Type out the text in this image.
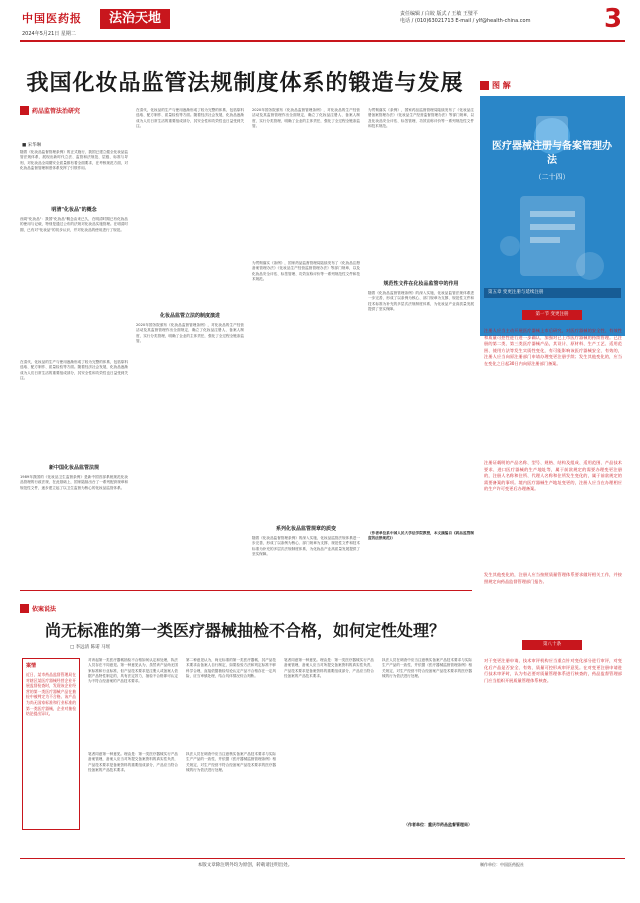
中国医药报	法治天地
2024年5月21日 星期二
责任编辑 / 白皎 版式 / 王敏 王璧平
电话 / (010)63021713 E-mail / ylf@health-china.com	3
我国化妆品监管法规制度体系的锻造与发展
药品监管法治研究
■ 宋华琳
随着《化妆品监督管理条例》的正式施行，我国已建立健全化妆品监管法规体系，展现出新时代立法、监管和法规范、层级、标准与导则，对化妆品全周期安全质量都有着全面要求，在考核规范方面，对化妆品监督管理制度体系发挥了引领作用。
明清"化妆品"的概念
西周"化妆品"：我国"化妆品"概念由来已久，在明清时期已有化妆品的使用与记载，特别是通过公布的法规对化妆品实施管理。在明清时期，已有对"化妆品"的初步认识，并对化妆品的使用进行了规范。
在清代，化妆品的生产与使用逐渐形成了较为完整的体系，包括原料选取、配方制作、质量检验等方面。随着经济社会发展，化妆品逐渐成为人们日常生活的重要组成部分，其安全性和功效性也日益受到关注。
新中国化妆品监管法规
1989年我国的《化妆品卫生监督条例》是新中国首部系统规范化妆品管理的行政法规，在此基础上，国家陆续出台了一系列配套规章和规范性文件，逐步建立起了以卫生监督为核心的化妆品监管体系。
在清代，化妆品的生产与使用逐渐形成了较为完整的体系，包括原料选取、配方制作、质量检验等方面。随着经济社会发展，化妆品逐渐成为人们日常生活的重要组成部分，其安全性和功效性也日益受到关注。
化妆品监管立法的制度演进
2020年国务院颁布《化妆品监督管理条例》，对化妆品的生产经营活动及其监督管理作出全面规定，确立了化妆品注册人、备案人制度，实行分类管理，明确了企业的主体责任，强化了全过程全链条监管。
2020年国务院颁布《化妆品监督管理条例》，对化妆品的生产经营活动及其监督管理作出全面规定，确立了化妆品注册人、备案人制度，实行分类管理，明确了企业的主体责任，强化了全过程全链条监管。
为贯彻落实《条例》，国家药品监督管理局陆续发布了《化妆品注册备案管理办法》《化妆品生产经营监督管理办法》等部门规章，以及化妆品安全评估、标签管理、功效宣称评价等一系列规范性文件和技术规范。
系列化妆品监管规章的质变
随着《化妆品监督管理条例》的深入实施，化妆品监管法规体系进一步完善，形成了以条例为核心、部门规章为支撑、规范性文件和技术标准为补充的多层次法规制度体系，为化妆品产业高质量发展提供了坚实保障。
为贯彻落实《条例》，国家药品监督管理局陆续发布了《化妆品注册备案管理办法》《化妆品生产经营监督管理办法》等部门规章，以及化妆品安全评估、标签管理、功效宣称评价等一系列规范性文件和技术规范。
规范性文件在化妆品监管中的作用
随着《化妆品监督管理条例》的深入实施，化妆品监管法规体系进一步完善，形成了以条例为核心、部门规章为支撑、规范性文件和技术标准为补充的多层次法规制度体系，为化妆品产业高质量发展提供了坚实保障。
（作者单位系中国人民大学法学院教授，本文摘编自《药品监管制度的法律规范》）
图 解
医疗器械注册与备案管理办法
（二十四）
第五章 变更注册与延续注册
第一节 变更注册
注册人应当主动开展医疗器械上市后研究，对医疗器械的安全性、有效性和质量可控性进行进一步确认，加强对已上市医疗器械的持续管理。已注册的第二类、第三类医疗器械产品，其设计、原材料、生产工艺、适用范围、使用方法等发生实质性变化，有可能影响该医疗器械安全、有效的，注册人应当向原注册部门申请办理变更注册手续；发生其他变化的，应当在变化之日起30日内向原注册部门备案。
注册证载明的产品名称、型号、规格、结构及组成、适用范围、产品技术要求、进口医疗器械的生产地址等，属于前款规定的需要办理变更注册的，注册人名称和住所、代理人名称和住所发生变化的，属于前款规定的需要备案的事项。境内医疗器械生产地址变更的，注册人应当在办理相应的生产许可变更后办理备案。
发生其他变化的，注册人应当按照质量管理体系要求做好相关工作，并按照规定向药品监督管理部门报告。
第八十条
对于变更注册申请，技术审评机构应当重点针对变化部分进行审评，对变化后产品是否安全、有效、质量可控形成审评意见。在对变更注册申请进行技术审评时，认为有必要对质量管理体系进行核查的，药品监督管理部门应当组织开展质量管理体系核查。
依案说法
尚无标准的第一类医疗器械抽检不合格，如何定性处理？
□ 李远清 陈诺 马瑶
案情
近日，某市药品监督管理局在对辖区某医疗器械经营企业开展监督检查时，发现该企业经营的第一类医疗器械产品在抽检中被判定为不合格。该产品为尚无国家标准和行业标准的第一类医疗器械，企业对抽检结论提出异议。
对该起第一类医疗器械抽检不合格如何认定和处理，执法人员存在不同意见。第一种意见认为，虽然该产品尚无国家标准和行业标准，但产品技术要求是注册人或备案人依据产品特性制定的，具有法定效力，抽检不合格即可认定为不符合经备案的产品技术要求。
笔者同意第一种意见。理由是：第一类医疗器械实行产品备案管理，备案人应当对所提交备案资料的真实性负责，产品技术要求是备案资料的重要组成部分，产品应当符合经备案的产品技术要求。
第二种意见认为，尚无标准的第一类医疗器械，其产品技术要求由备案人自行制定，如果检验方法和判定标准不够科学合理，直接依据抽检结论认定产品不合格存在一定风险，应当审慎处理，结合具体情况综合判断。
执法人员在调查中应当注意核实备案产品技术要求与实际生产产品的一致性，并依据《医疗器械监督管理条例》相关规定，对生产经营不符合经备案产品技术要求的医疗器械的行为依法进行处理。
笔者同意第一种意见。理由是：第一类医疗器械实行产品备案管理，备案人应当对所提交备案资料的真实性负责，产品技术要求是备案资料的重要组成部分，产品应当符合经备案的产品技术要求。
执法人员在调查中应当注意核实备案产品技术要求与实际生产产品的一致性，并依据《医疗器械监督管理条例》相关规定，对生产经营不符合经备案产品技术要求的医疗器械的行为依法进行处理。
（作者单位：重庆市药品监督管理局）
本版文章除注明外均为原创，转载请注明出处。	制作单位：中国医药报社
